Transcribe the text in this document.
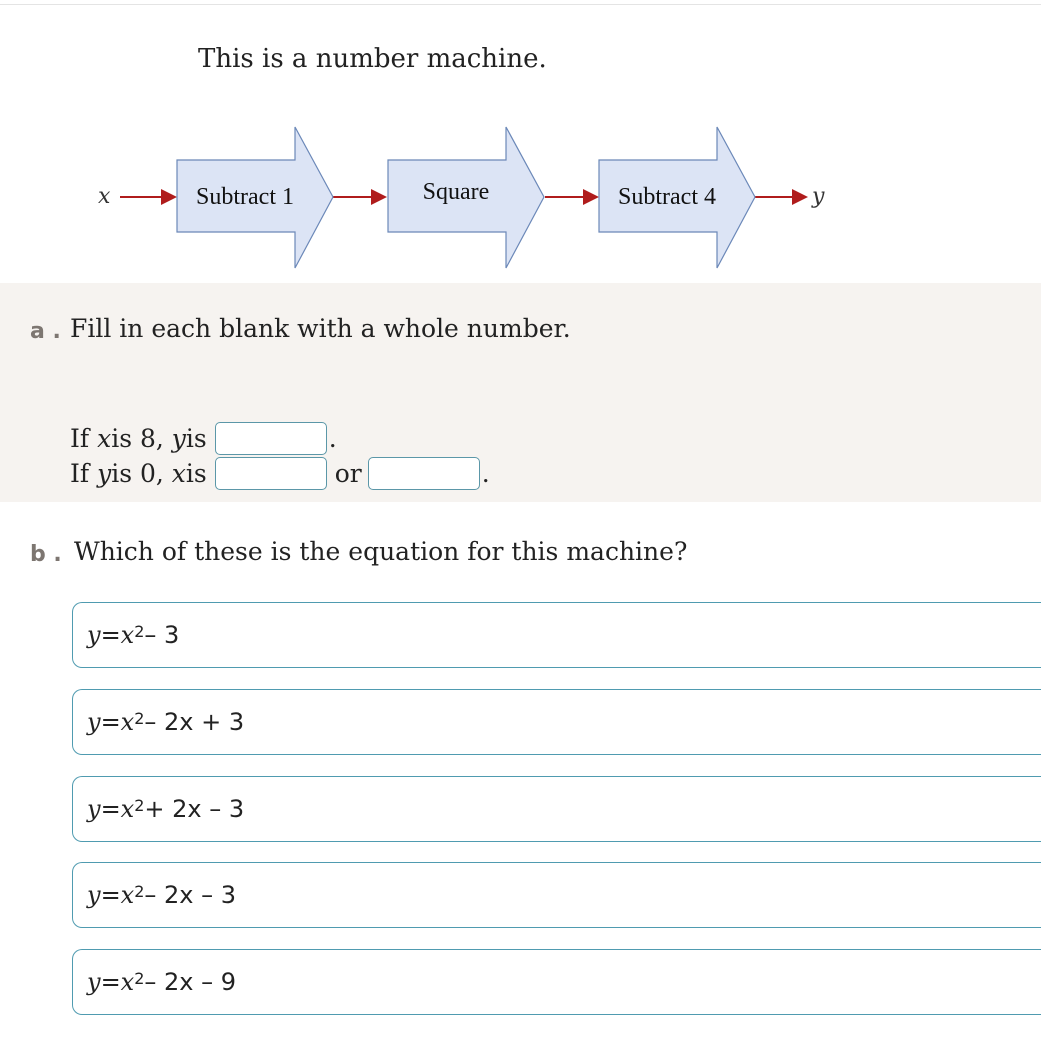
This is a number machine.
x	Subtract 1	Square	Subtract 4	y
a . Fill in each blank with a whole number.
If
x is 8,
y is	.
If
y is 0,
x is	or	.
b . Which of these is the equation for this machine?
$y = x^2 - 3$
$y = x^2 - 2x + 3$
$y = x^2 + 2x - 3$
$y = x^2 - 2x - 3$
$y = x^2 - 2x - 9$
